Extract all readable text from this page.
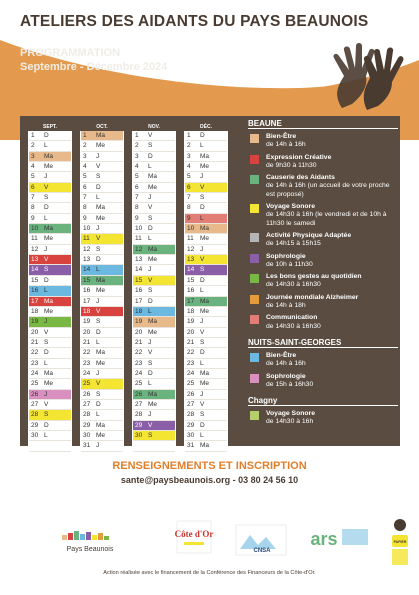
ATELIERS DES AIDANTS DU PAYS BEAUNOIS
PROGRAMMATION
Septembre - Décembre 2024
SEPT.
1	D
2	L
3	Ma
4	Me
5	J
6	V
7	S
8	D
9	L
10 Ma
11 Me
12 J
13 V
14 S
15 D
16 L
17 Ma
18 Me
19 J
20 V
21 S
22 D
23 L
24 Ma
25 Me
26 J
27 V
28 S
29 D
30 L
OCT.
1	Ma
2	Me
3	J
4	V
5	S
6	D
7	L
8	Ma
9	Me
10 J
11 V
12 S
13 D
14 L
15 Ma
16 Me
17 J
18 V
19 S
20 D
21 L
22 Ma
23 Me
24 J
25 V
26 S
27 D
28 L
29 Ma
30 Me
31 J
NOV.
1	V
2	S
3	D
4	L
5	Ma
6	Me
7	J
8	V
9	S
10 D
11 L
12 Ma
13 Me
14 J
15 V
16 S
17 D
18 L
19 Ma
20 Me
21 J
22 V
23 S
24 D
25 L
26 Ma
27 Me
28 J
29 V
30 S
DÉC.
1	D
2	L
3	Ma
4	Me
5	J
6	V
7	S
8	D
9	L
10 Ma
11 Me
12 J
13 V
14 S
15 D
16 L
17 Ma
18 Me
19 J
20 V
21 S
22 D
23 L
24 Ma
25 Me
26 J
27 V
28 S
29 D
30 L
31 Ma
BEAUNE
Bien-Être
de 14h à 16h
Expression Créative
de 9h30 à 11h30
Causerie des Aidants
de 14h à 16h (un accueil de votre proche est proposé)
Voyage Sonore
de 14h30 à 16h (le vendredi et de 10h à 11h30 le samedi
Activité Physique Adaptée
de 14h15 à 15h15
Sophrologie
de 10h à 11h30
Les bons gestes au quotidien
de 14h30 à 16h30
Journée mondiale Alzheimer
de 14h à 18h
Communication
de 14h30 à 16h30
NUITS-SAINT-GEORGES
Bien-Être
de 14h à 16h
Sophrologie
de 15h à 16h30
Chagny
Voyage Sonore
de 14h30 à 16h
RENSEIGNEMENTS ET INSCRIPTION
sante@paysbeaunois.org - 03 80 24 56 10
Pays Beaunois
Côte d'Or
CNSA
ars	PAPIER
Action réalisée avec le financement de la Conférence des Financeurs de la Côte-d'Or.
